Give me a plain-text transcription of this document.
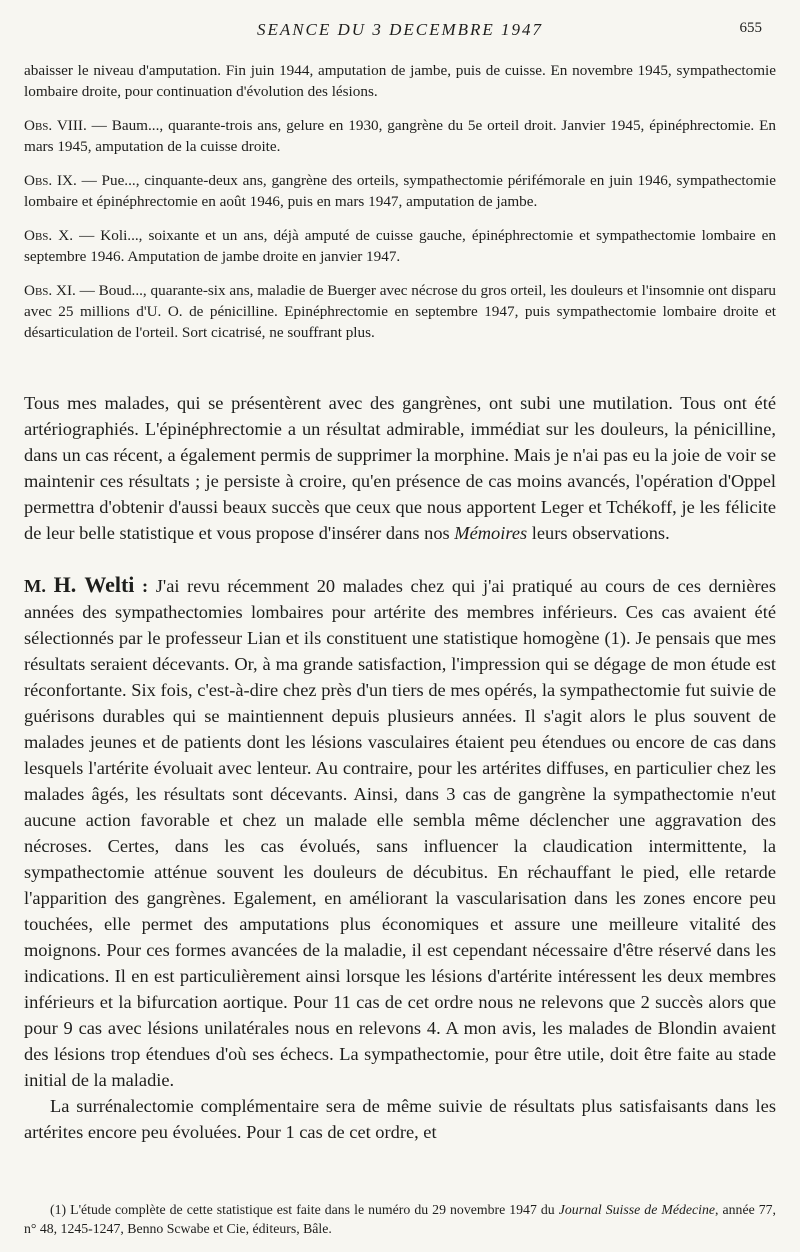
SEANCE DU 3 DECEMBRE 1947	655

abaisser le niveau d'amputation. Fin juin 1944, amputation de jambe, puis de cuisse. En novembre 1945, sympathectomie lombaire droite, pour continuation d'évolution des lésions.

Obs. VIII. — Baum..., quarante-trois ans, gelure en 1930, gangrène du 5e orteil droit. Janvier 1945, épinéphrectomie. En mars 1945, amputation de la cuisse droite.

Obs. IX. — Pue..., cinquante-deux ans, gangrène des orteils, sympathectomie périfémorale en juin 1946, sympathectomie lombaire et épinéphrectomie en août 1946, puis en mars 1947, amputation de jambe.

Obs. X. — Koli..., soixante et un ans, déjà amputé de cuisse gauche, épinéphrectomie et sympathectomie lombaire en septembre 1946. Amputation de jambe droite en janvier 1947.

Obs. XI. — Boud..., quarante-six ans, maladie de Buerger avec nécrose du gros orteil, les douleurs et l'insomnie ont disparu avec 25 millions d'U. O. de pénicilline. Epinéphrectomie en septembre 1947, puis sympathectomie lombaire droite et désarticulation de l'orteil. Sort cicatrisé, ne souffrant plus.

Tous mes malades, qui se présentèrent avec des gangrènes, ont subi une mutilation. Tous ont été artériographiés. L'épinéphrectomie a un résultat admirable, immédiat sur les douleurs, la pénicilline, dans un cas récent, a également permis de supprimer la morphine. Mais je n'ai pas eu la joie de voir se maintenir ces résultats ; je persiste à croire, qu'en présence de cas moins avancés, l'opération d'Oppel permettra d'obtenir d'aussi beaux succès que ceux que nous apportent Leger et Tchékoff, je les félicite de leur belle statistique et vous propose d'insérer dans nos Mémoires leurs observations.

M. H. Welti : J'ai revu récemment 20 malades chez qui j'ai pratiqué au cours de ces dernières années des sympathectomies lombaires pour artérite des membres inférieurs. Ces cas avaient été sélectionnés par le professeur Lian et ils constituent une statistique homogène (1). Je pensais que mes résultats seraient décevants. Or, à ma grande satisfaction, l'impression qui se dégage de mon étude est réconfortante. Six fois, c'est-à-dire chez près d'un tiers de mes opérés, la sympathectomie fut suivie de guérisons durables qui se maintiennent depuis plusieurs années. Il s'agit alors le plus souvent de malades jeunes et de patients dont les lésions vasculaires étaient peu étendues ou encore de cas dans lesquels l'artérite évoluait avec lenteur. Au contraire, pour les artérites diffuses, en particulier chez les malades âgés, les résultats sont décevants. Ainsi, dans 3 cas de gangrène la sympathectomie n'eut aucune action favorable et chez un malade elle sembla même déclencher une aggravation des nécroses. Certes, dans les cas évolués, sans influencer la claudication intermittente, la sympathectomie atténue souvent les douleurs de décubitus. En réchauffant le pied, elle retarde l'apparition des gangrènes. Egalement, en améliorant la vascularisation dans les zones encore peu touchées, elle permet des amputations plus économiques et assure une meilleure vitalité des moignons. Pour ces formes avancées de la maladie, il est cependant nécessaire d'être réservé dans les indications. Il en est particulièrement ainsi lorsque les lésions d'artérite intéressent les deux membres inférieurs et la bifurcation aortique. Pour 11 cas de cet ordre nous ne relevons que 2 succès alors que pour 9 cas avec lésions unilatérales nous en relevons 4. A mon avis, les malades de Blondin avaient des lésions trop étendues d'où ses échecs. La sympathectomie, pour être utile, doit être faite au stade initial de la maladie.

La surrénalectomie complémentaire sera de même suivie de résultats plus satisfaisants dans les artérites encore peu évoluées. Pour 1 cas de cet ordre, et

(1) L'étude complète de cette statistique est faite dans le numéro du 29 novembre 1947 du Journal Suisse de Médecine, année 77, n° 48, 1245-1247, Benno Scwabe et Cie, éditeurs, Bâle.
